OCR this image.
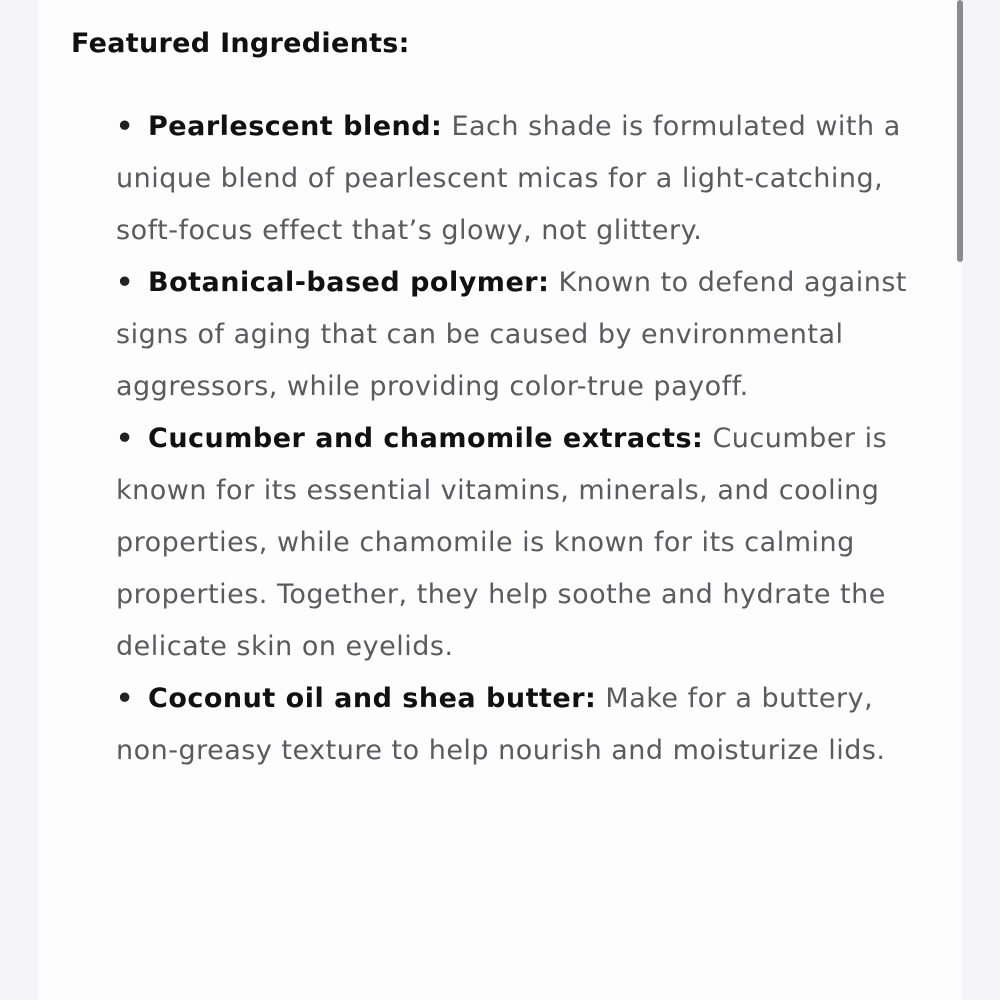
Featured Ingredients:
• Pearlescent blend: Each shade is formulated with a unique blend of pearlescent micas for a light-catching, soft-focus effect that’s glowy, not glittery.
• Botanical-based polymer: Known to defend against signs of aging that can be caused by environmental aggressors, while providing color-true payoff.
• Cucumber and chamomile extracts: Cucumber is known for its essential vitamins, minerals, and cooling properties, while chamomile is known for its calming properties. Together, they help soothe and hydrate the delicate skin on eyelids.
• Coconut oil and shea butter: Make for a buttery, non-greasy texture to help nourish and moisturize lids.
